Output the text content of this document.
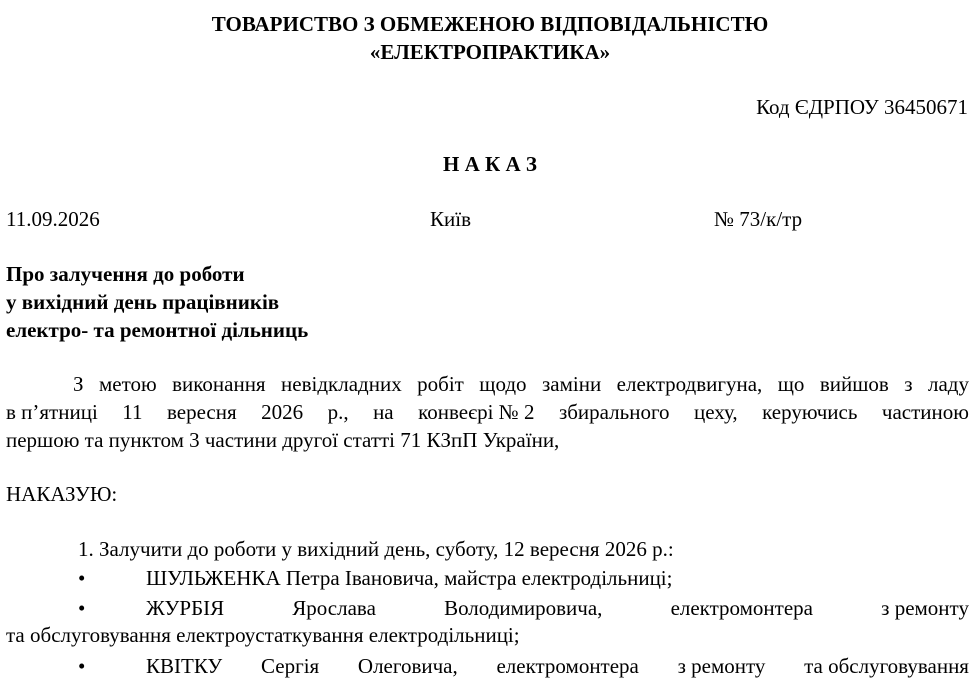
ТОВАРИСТВО З ОБМЕЖЕНОЮ ВІДПОВІДАЛЬНІСТЮ
«ЕЛЕКТРОПРАКТИКА»
Код ЄДРПОУ 36450671
Н А К А З
11.09.2026	Київ	№ 73/к/тр
Про залучення до роботи
у вихідний день працівників
електро- та ремонтної дільниць
З метою виконання невідкладних робіт щодо заміни електродвигуна, що вийшов з ладу
в п’ятниці 11 вересня 2026 р., на конвеєрі № 2 збирального цеху, керуючись частиною
першою та пунктом 3 частини другої статті 71 КЗпП України,
НАКАЗУЮ:
1. Залучити до роботи у вихідний день, суботу, 12 вересня 2026 р.:
•	ШУЛЬЖЕНКА Петра Івановича, майстра електродільниці;
•	ЖУРБІЯ	Ярослава	Володимировича,	електромонтера	з ремонту
та обслуговування електроустаткування електродільниці;
•	КВІТКУ Сергія Олеговича, електромонтера з ремонту та обслуговування
